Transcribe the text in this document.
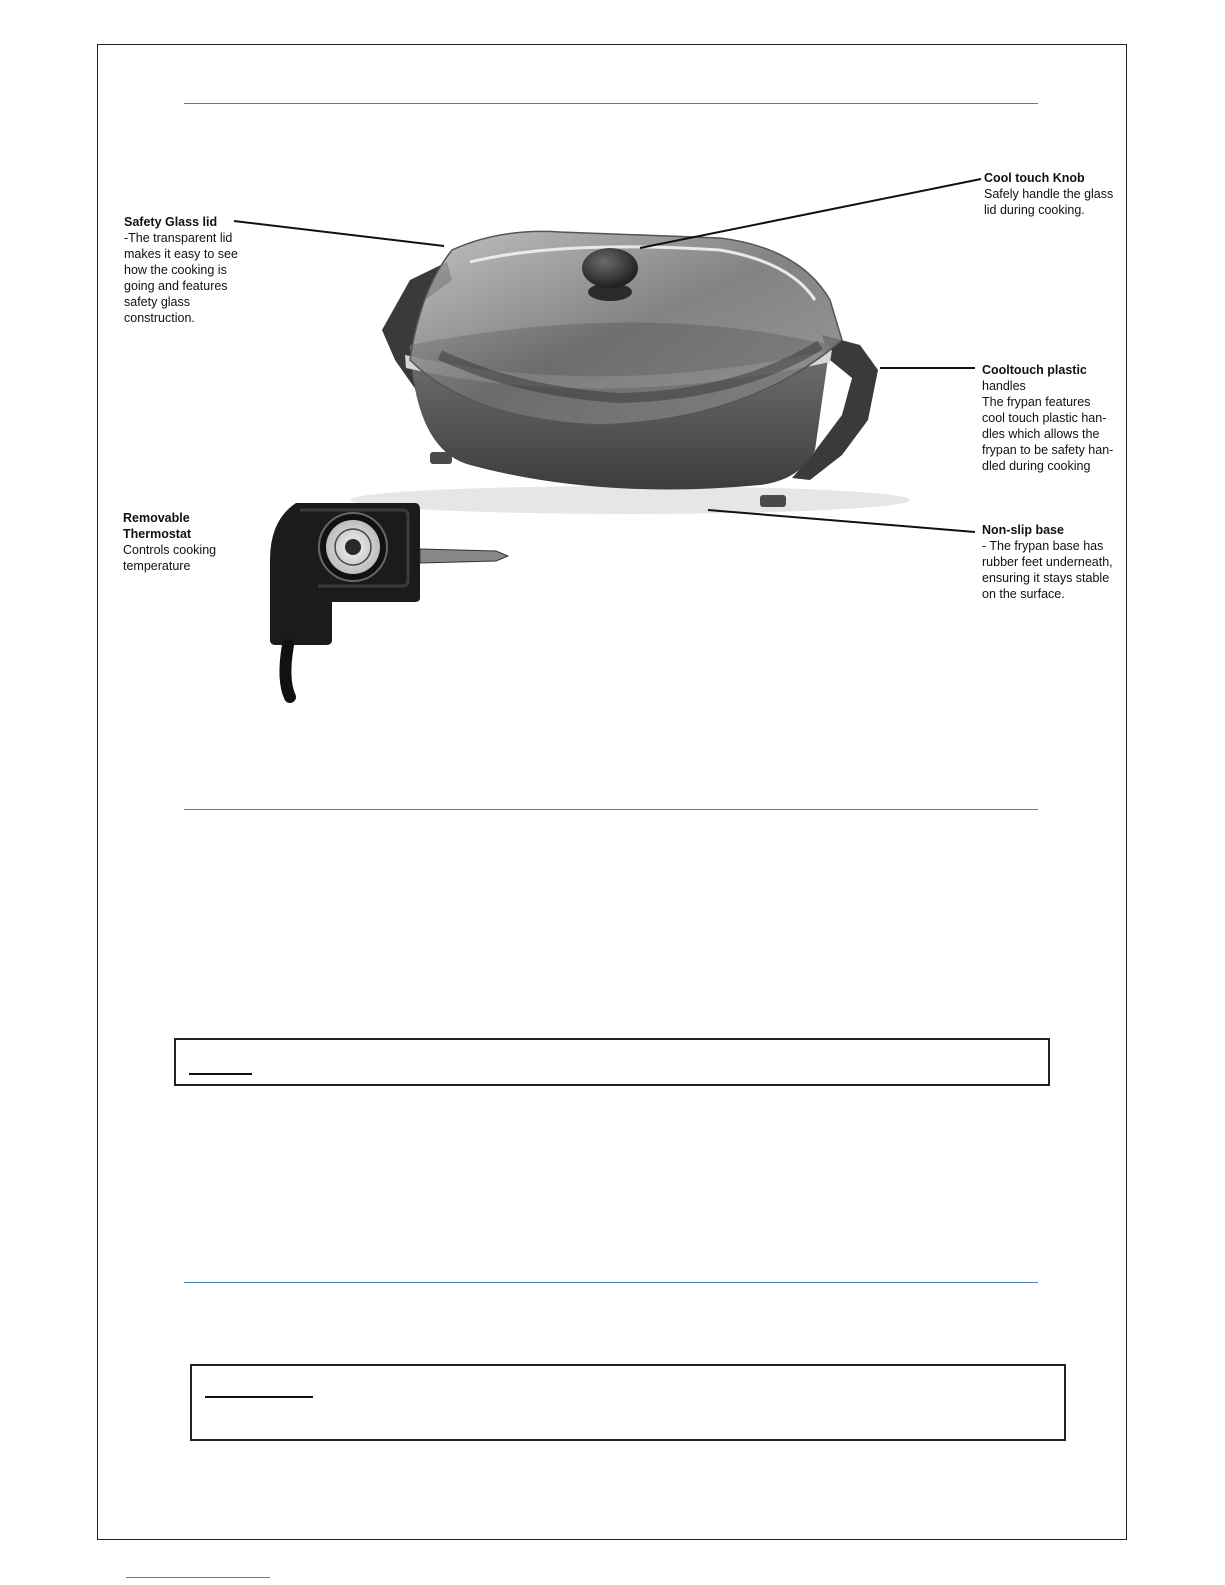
Safety Glass lid
-The transparent lid
makes it easy to see
how the cooking is
going and features
safety glass
construction.
Cool touch Knob
Safely handle the glass
lid during cooking.
Cooltouch plastic
handles
The frypan features
cool touch plastic han-
dles which allows the
frypan to be safety han-
dled during cooking
Non-slip base
- The frypan base has
rubber feet underneath,
ensuring it stays stable
on the surface.
Removable
Thermostat
Controls cooking
temperature
